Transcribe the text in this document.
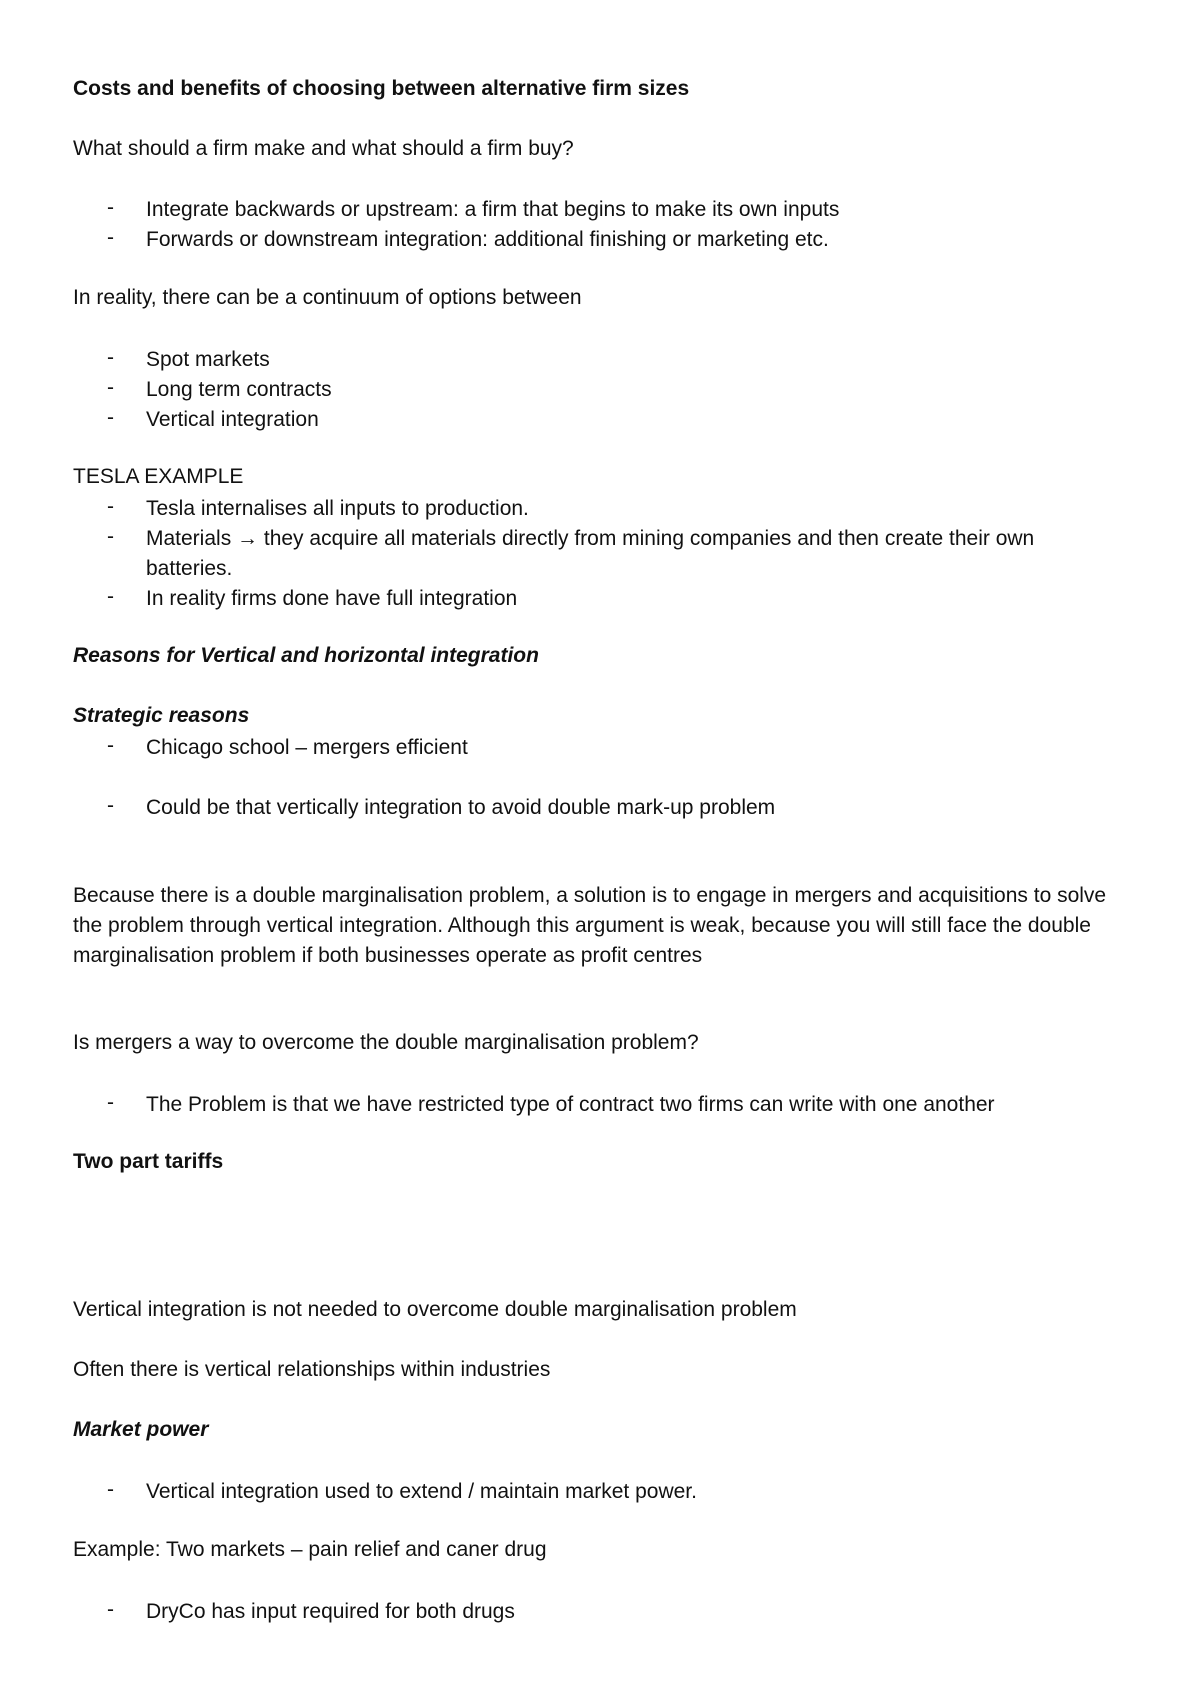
Costs and benefits of choosing between alternative firm sizes
What should a firm make and what should a firm buy?
- Integrate backwards or upstream: a firm that begins to make its own inputs
- Forwards or downstream integration: additional finishing or marketing etc.
In reality, there can be a continuum of options between
- Spot markets
- Long term contracts
- Vertical integration
TESLA EXAMPLE
- Tesla internalises all inputs to production.
- Materials → they acquire all materials directly from mining companies and then create their own batteries.
- In reality firms done have full integration
Reasons for Vertical and horizontal integration
Strategic reasons
- Chicago school – mergers efficient
- Could be that vertically integration to avoid double mark-up problem
Because there is a double marginalisation problem, a solution is to engage in mergers and acquisitions to solve the problem through vertical integration. Although this argument is weak, because you will still face the double marginalisation problem if both businesses operate as profit centres
Is mergers a way to overcome the double marginalisation problem?
- The Problem is that we have restricted type of contract two firms can write with one another
Two part tariffs
Vertical integration is not needed to overcome double marginalisation problem
Often there is vertical relationships within industries
Market power
- Vertical integration used to extend / maintain market power.
Example: Two markets – pain relief and caner drug
- DryCo has input required for both drugs
